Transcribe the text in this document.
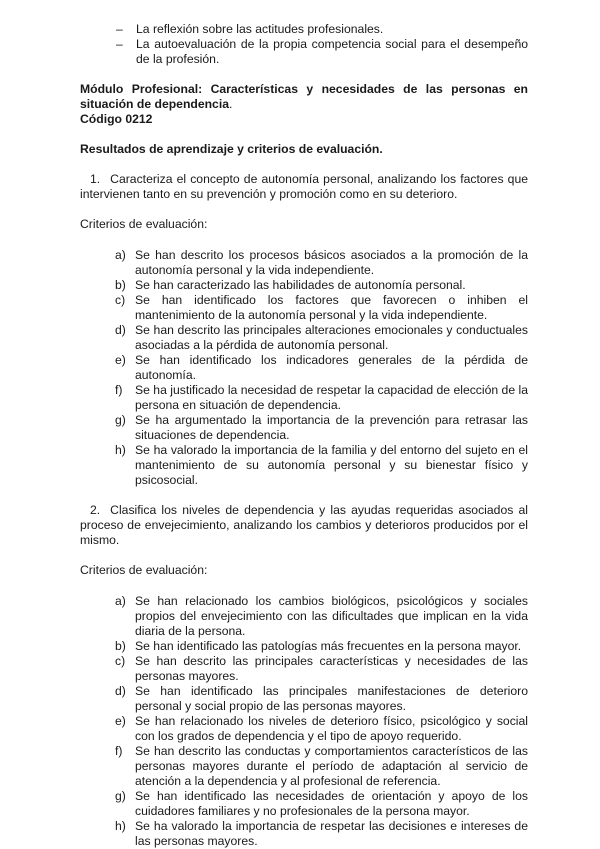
–	La reflexión sobre las actitudes profesionales.
–	La autoevaluación de la propia competencia social para el desempeño de la profesión.
Módulo Profesional: Características y necesidades de las personas en situación de dependencia.
Código 0212
Resultados de aprendizaje y criterios de evaluación.
1. Caracteriza el concepto de autonomía personal, analizando los factores que intervienen tanto en su prevención y promoción como en su deterioro.
Criterios de evaluación:
a) Se han descrito los procesos básicos asociados a la promoción de la autonomía personal y la vida independiente.
b) Se han caracterizado las habilidades de autonomía personal.
c) Se han identificado los factores que favorecen o inhiben el mantenimiento de la autonomía personal y la vida independiente.
d) Se han descrito las principales alteraciones emocionales y conductuales asociadas a la pérdida de autonomía personal.
e) Se han identificado los indicadores generales de la pérdida de autonomía.
f)	Se ha justificado la necesidad de respetar la capacidad de elección de la persona en situación de dependencia.
g) Se ha argumentado la importancia de la prevención para retrasar las situaciones de dependencia.
h) Se ha valorado la importancia de la familia y del entorno del sujeto en el mantenimiento de su autonomía personal y su bienestar físico y psicosocial.
2. Clasifica los niveles de dependencia y las ayudas requeridas asociados al proceso de envejecimiento, analizando los cambios y deterioros producidos por el mismo.
Criterios de evaluación:
a) Se han relacionado los cambios biológicos, psicológicos y sociales propios del envejecimiento con las dificultades que implican en la vida diaria de la persona.
b) Se han identificado las patologías más frecuentes en la persona mayor.
c) Se han descrito las principales características y necesidades de las personas mayores.
d) Se han identificado las principales manifestaciones de deterioro personal y social propio de las personas mayores.
e) Se han relacionado los niveles de deterioro físico, psicológico y social con los grados de dependencia y el tipo de apoyo requerido.
f)	Se han descrito las conductas y comportamientos característicos de las personas mayores durante el período de adaptación al servicio de atención a la dependencia y al profesional de referencia.
g) Se han identificado las necesidades de orientación y apoyo de los cuidadores familiares y no profesionales de la persona mayor.
h) Se ha valorado la importancia de respetar las decisiones e intereses de las personas mayores.
